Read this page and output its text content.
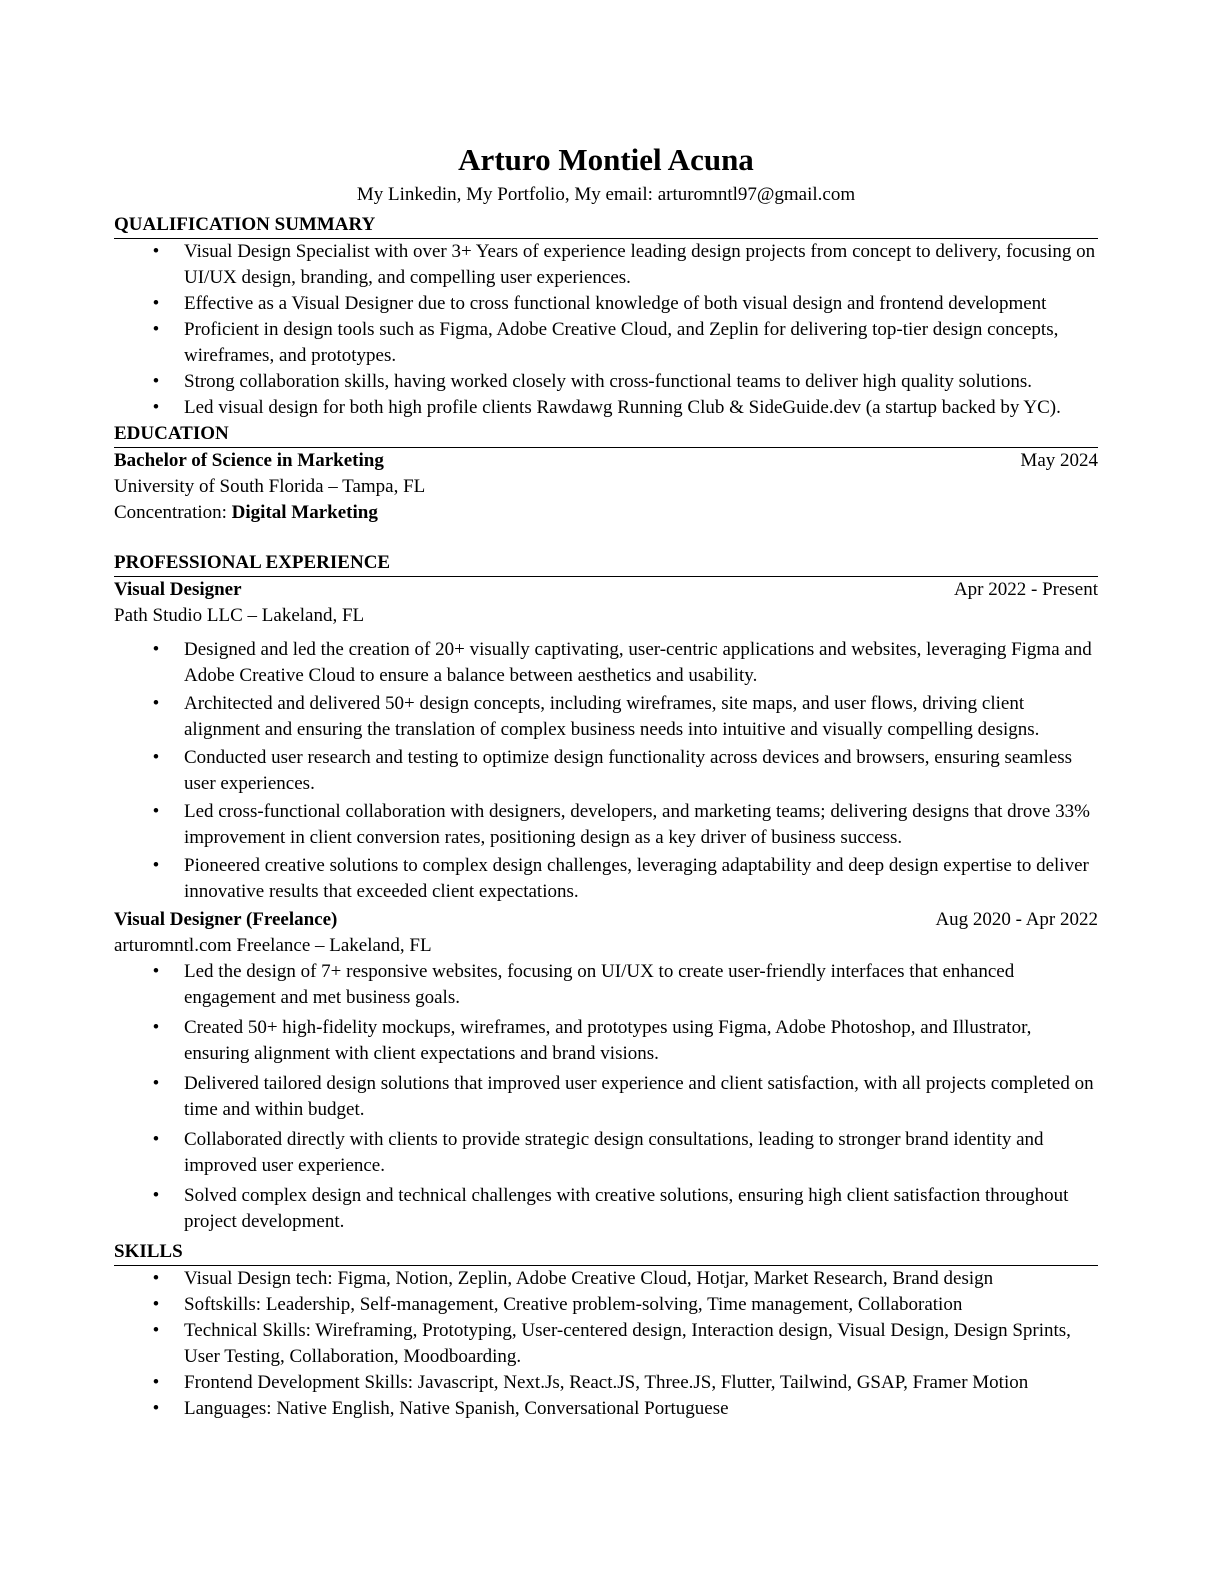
Arturo Montiel Acuna

My Linkedin, My Portfolio, My email: arturomntl97@gmail.com

QUALIFICATION SUMMARY
•	Visual Design Specialist with over 3+ Years of experience leading design projects from concept to delivery, focusing on UI/UX design, branding, and compelling user experiences.
•	Effective as a Visual Designer due to cross functional knowledge of both visual design and frontend development
•	Proficient in design tools such as Figma, Adobe Creative Cloud, and Zeplin for delivering top-tier design concepts, wireframes, and prototypes.
•	Strong collaboration skills, having worked closely with cross-functional teams to deliver high quality solutions.
•	Led visual design for both high profile clients Rawdawg Running Club & SideGuide.dev (a startup backed by YC).
EDUCATION
Bachelor of Science in Marketing	May 2024
University of South Florida – Tampa, FL
Concentration: Digital Marketing
PROFESSIONAL EXPERIENCE
Visual Designer	Apr 2022 - Present
Path Studio LLC – Lakeland, FL
•	Designed and led the creation of 20+ visually captivating, user-centric applications and websites, leveraging Figma and Adobe Creative Cloud to ensure a balance between aesthetics and usability.
•	Architected and delivered 50+ design concepts, including wireframes, site maps, and user flows, driving client alignment and ensuring the translation of complex business needs into intuitive and visually compelling designs.
•	Conducted user research and testing to optimize design functionality across devices and browsers, ensuring seamless user experiences.
•	Led cross-functional collaboration with designers, developers, and marketing teams; delivering designs that drove 33% improvement in client conversion rates, positioning design as a key driver of business success.
•	Pioneered creative solutions to complex design challenges, leveraging adaptability and deep design expertise to deliver innovative results that exceeded client expectations.
Visual Designer (Freelance)	Aug 2020 - Apr 2022
arturomntl.com Freelance – Lakeland, FL
•	Led the design of 7+ responsive websites, focusing on UI/UX to create user-friendly interfaces that enhanced engagement and met business goals.
•	Created 50+ high-fidelity mockups, wireframes, and prototypes using Figma, Adobe Photoshop, and Illustrator, ensuring alignment with client expectations and brand visions.
•	Delivered tailored design solutions that improved user experience and client satisfaction, with all projects completed on time and within budget.
•	Collaborated directly with clients to provide strategic design consultations, leading to stronger brand identity and improved user experience.
•	Solved complex design and technical challenges with creative solutions, ensuring high client satisfaction throughout project development.
SKILLS
•	Visual Design tech: Figma, Notion, Zeplin, Adobe Creative Cloud, Hotjar, Market Research, Brand design
•	Softskills: Leadership, Self-management, Creative problem-solving, Time management, Collaboration
•	Technical Skills: Wireframing, Prototyping, User-centered design, Interaction design, Visual Design, Design Sprints, User Testing, Collaboration, Moodboarding.
•	Frontend Development Skills: Javascript, Next.Js, React.JS, Three.JS, Flutter, Tailwind, GSAP, Framer Motion
•	Languages: Native English, Native Spanish, Conversational Portuguese
